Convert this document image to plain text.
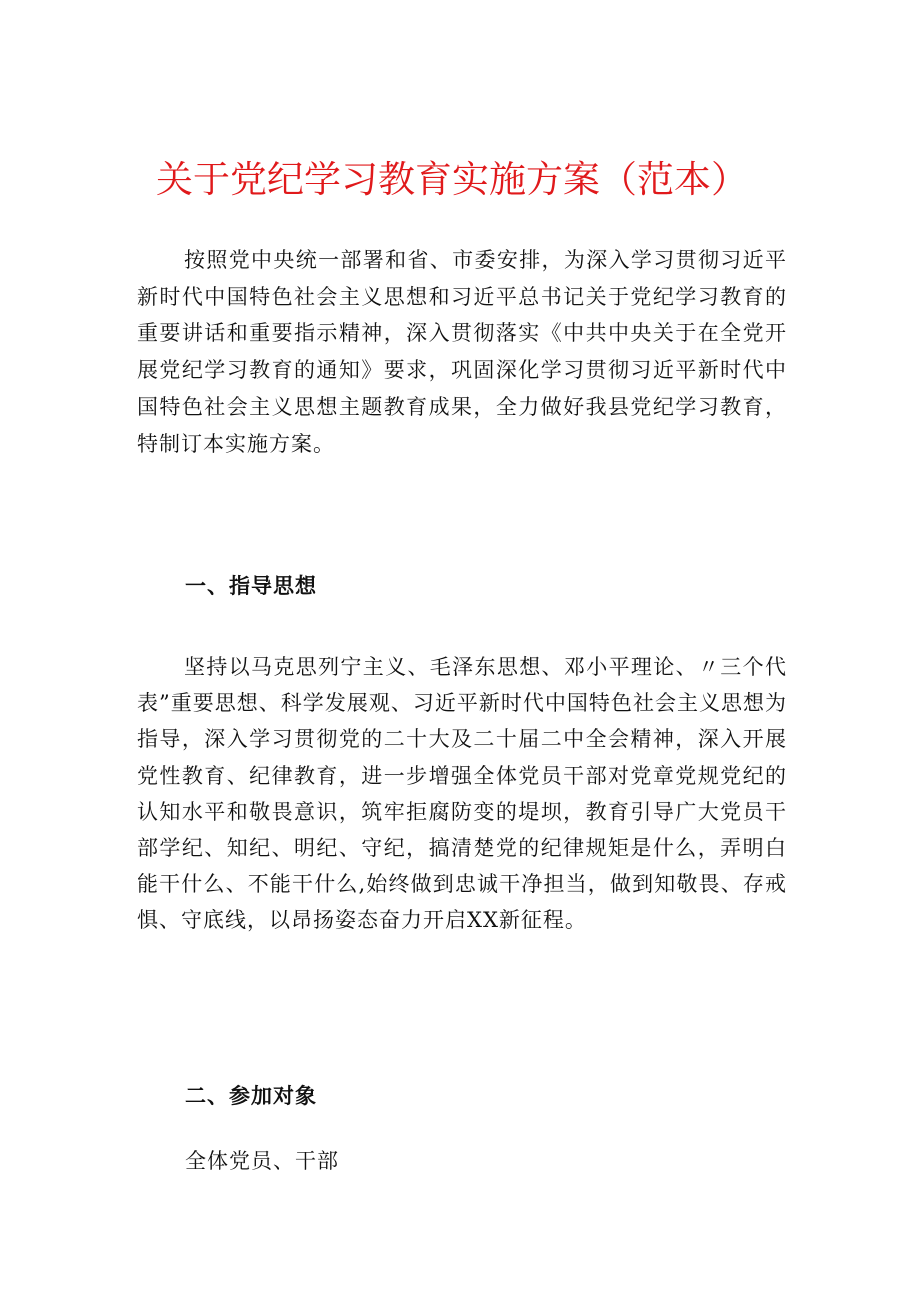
关于党纪学习教育实施方案（范本）
按照党中央统一部署和省、市委安排，为深入学习贯彻习近平新时代中国特色社会主义思想和习近平总书记关于党纪学习教育的重要讲话和重要指示精神，深入贯彻落实《中共中央关于在全党开展党纪学习教育的通知》要求，巩固深化学习贯彻习近平新时代中国特色社会主义思想主题教育成果，全力做好我县党纪学习教育，特制订本实施方案。
一、指导思想
坚持以马克思列宁主义、毛泽东思想、邓小平理论、〃三个代表”重要思想、科学发展观、习近平新时代中国特色社会主义思想为指导，深入学习贯彻党的二十大及二十届二中全会精神，深入开展党性教育、纪律教育，进一步增强全体党员干部对党章党规党纪的认知水平和敬畏意识，筑牢拒腐防变的堤坝，教育引导广大党员干部学纪、知纪、明纪、守纪，搞清楚党的纪律规矩是什么，弄明白能干什么、不能干什么,始终做到忠诚干净担当，做到知敬畏、存戒惧、守底线，以昂扬姿态奋力开启XX新征程。
二、参加对象
全体党员、干部
